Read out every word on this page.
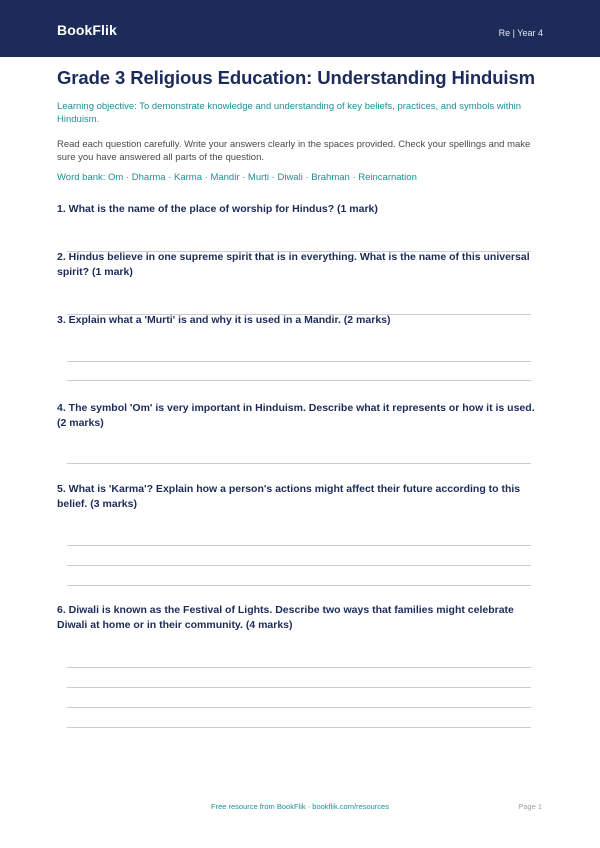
BookFlik	Re | Year 4
Grade 3 Religious Education: Understanding Hinduism
Learning objective: To demonstrate knowledge and understanding of key beliefs, practices, and symbols within Hinduism.
Read each question carefully. Write your answers clearly in the spaces provided. Check your spellings and make sure you have answered all parts of the question.
Word bank: Om · Dharma · Karma · Mandir · Murti · Diwali · Brahman · Reincarnation
1. What is the name of the place of worship for Hindus? (1 mark)
2. Hindus believe in one supreme spirit that is in everything. What is the name of this universal spirit? (1 mark)
3. Explain what a 'Murti' is and why it is used in a Mandir. (2 marks)
4. The symbol 'Om' is very important in Hinduism. Describe what it represents or how it is used. (2 marks)
5. What is 'Karma'? Explain how a person's actions might affect their future according to this belief. (3 marks)
6. Diwali is known as the Festival of Lights. Describe two ways that families might celebrate Diwali at home or in their community. (4 marks)
Free resource from BookFlik · bookflik.com/resources	Page 1
